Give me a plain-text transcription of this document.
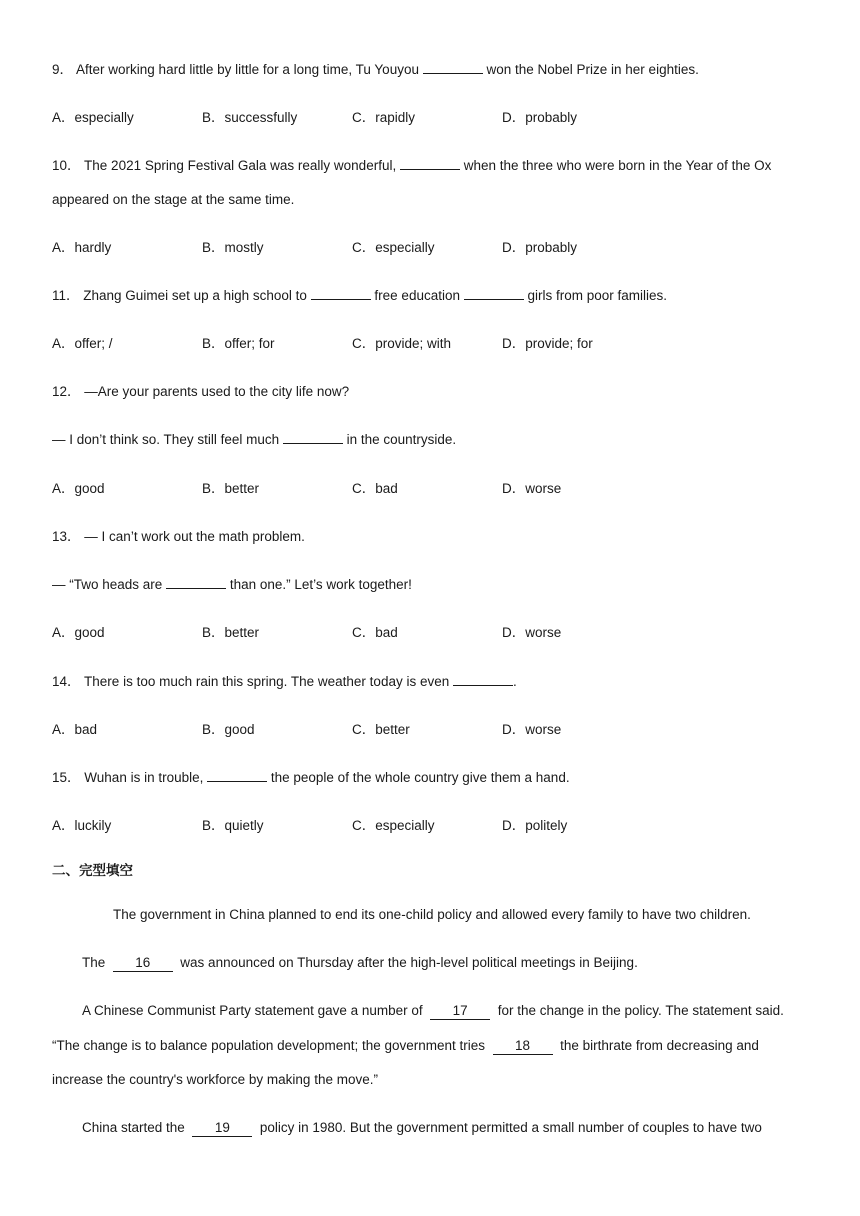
9． After working hard little by little for a long time, Tu Youyou	won the Nobel Prize in her eighties.
A．especially	B．successfully	C．rapidly	D．probably
10． The 2021 Spring Festival Gala was really wonderful,	when the three who were born in the Year of the Ox
appeared on the stage at the same time.
A．hardly	B．mostly	C．especially	D．probably
11． Zhang Guimei set up a high school to	free education	girls from poor families.
A．offer; /	B．offer; for	C．provide; with	D．provide; for
12． —Are your parents used to the city life now?
— I don’t think so. They still feel much	in the countryside.
A．good	B．better	C．bad	D．worse
13． — I can’t work out the math problem.
— “Two heads are	than one.” Let’s work together!
A．good	B．better	C．bad	D．worse
14． There is too much rain this spring. The weather today is even	.
A．bad	B．good	C．better	D．worse
15． Wuhan is in trouble,	the people of the whole country give them a hand.
A．luckily	B．quietly	C．especially	D．politely
二、完型填空
The government in China planned to end its one-child policy and allowed every family to have two children.
The  16  was announced on Thursday after the high-level political meetings in Beijing.
A Chinese Communist Party statement gave a number of  17  for the change in the policy. The statement said.
“The change is to balance population development; the government tries  18  the birthrate from decreasing and
increase the country's workforce by making the move.”
China started the  19  policy in 1980. But the government permitted a small number of couples to have two
